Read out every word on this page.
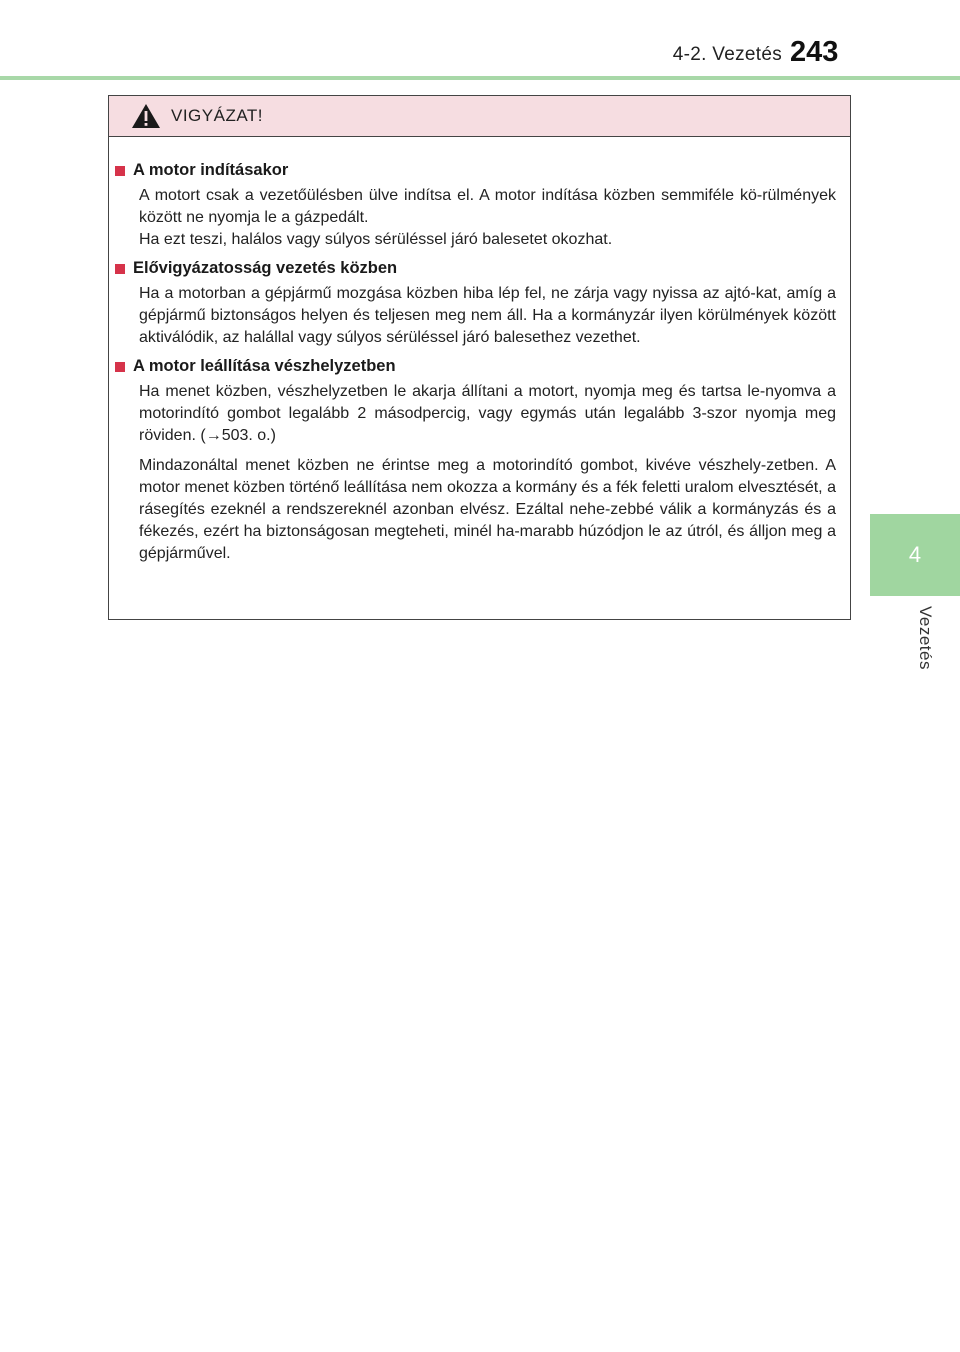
4-2. Vezetés 243
4
Vezetés
VIGYÁZAT!
A motor indításakor

A motort csak a vezetőülésben ülve indítsa el. A motor indítása közben semmiféle kö-rülmények között ne nyomja le a gázpedált.

Ha ezt teszi, halálos vagy súlyos sérüléssel járó balesetet okozhat.

Elővigyázatosság vezetés közben

Ha a motorban a gépjármű mozgása közben hiba lép fel, ne zárja vagy nyissa az ajtó-kat, amíg a gépjármű biztonságos helyen és teljesen meg nem áll. Ha a kormányzár ilyen körülmények között aktiválódik, az halállal vagy súlyos sérüléssel járó balesethez vezethet.

A motor leállítása vészhelyzetben

Ha menet közben, vészhelyzetben le akarja állítani a motort, nyomja meg és tartsa le-nyomva a motorindító gombot legalább 2 másodpercig, vagy egymás után legalább 3-szor nyomja meg röviden. (→503. o.)

Mindazonáltal menet közben ne érintse meg a motorindító gombot, kivéve vészhely-zetben. A motor menet közben történő leállítása nem okozza a kormány és a fék feletti uralom elvesztését, a rásegítés ezeknél a rendszereknél azonban elvész. Ezáltal nehe-zebbé válik a kormányzás és a fékezés, ezért ha biztonságosan megteheti, minél ha-marabb húzódjon le az útról, és álljon meg a gépjárművel.
